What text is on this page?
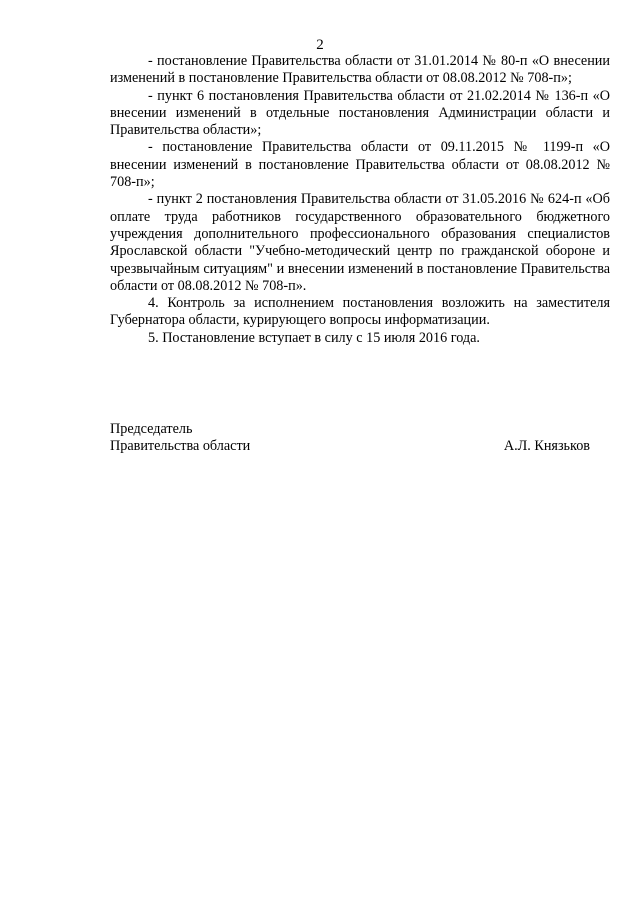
2

- постановление Правительства области от 31.01.2014 № 80-п «О внесении изменений в постановление Правительства области от 08.08.2012 № 708-п»;

- пункт 6 постановления Правительства области от 21.02.2014 № 136-п «О внесении изменений в отдельные постановления Администрации области и Правительства области»;

- постановление Правительства области от 09.11.2015 № 1199-п «О внесении изменений в постановление Правительства области от 08.08.2012 № 708-п»;

- пункт 2 постановления Правительства области от 31.05.2016 № 624-п «Об оплате труда работников государственного образовательного бюджетного учреждения дополнительного профессионального образования специалистов Ярославской области "Учебно-методический центр по гражданской обороне и чрезвычайным ситуациям" и внесении изменений в постановление Правительства области от 08.08.2012 № 708-п».

4. Контроль за исполнением постановления возложить на заместителя Губернатора области, курирующего вопросы информатизации.

5. Постановление вступает в силу с 15 июля 2016 года.

Председатель
Правительства области	А.Л. Князьков
